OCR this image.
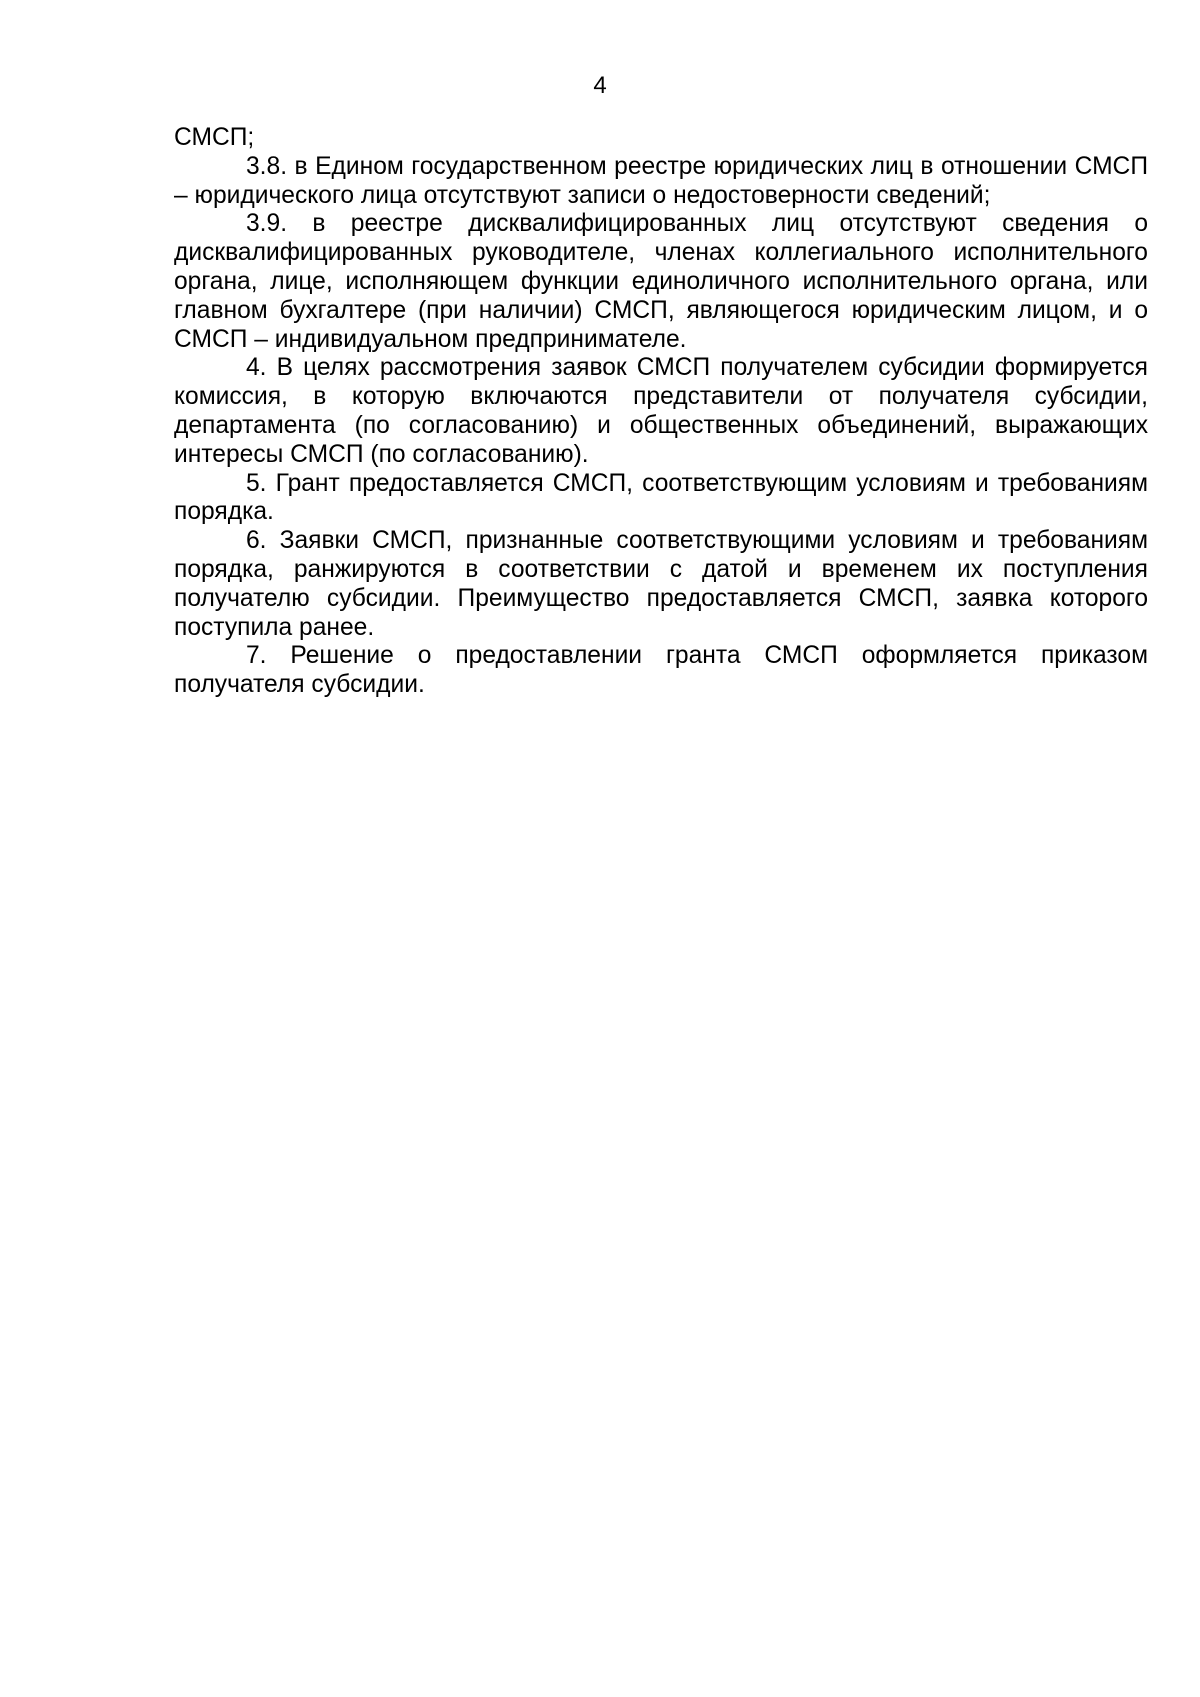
4

СМСП;

3.8. в Едином государственном реестре юридических лиц в отношении СМСП – юридического лица отсутствуют записи о недостоверности сведений;

3.9. в реестре дисквалифицированных лиц отсутствуют сведения о дисквалифицированных руководителе, членах коллегиального исполнительного органа, лице, исполняющем функции единоличного исполнительного органа, или главном бухгалтере (при наличии) СМСП, являющегося юридическим лицом, и о СМСП – индивидуальном предпринимателе.

4. В целях рассмотрения заявок СМСП получателем субсидии формируется комиссия, в которую включаются представители от получателя субсидии, департамента (по согласованию) и общественных объединений, выражающих интересы СМСП (по согласованию).

5. Грант предоставляется СМСП, соответствующим условиям и требованиям порядка.

6. Заявки СМСП, признанные соответствующими условиям и требованиям порядка, ранжируются в соответствии с датой и временем их поступления получателю субсидии. Преимущество предоставляется СМСП, заявка которого поступила ранее.

7. Решение о предоставлении гранта СМСП оформляется приказом получателя субсидии.
